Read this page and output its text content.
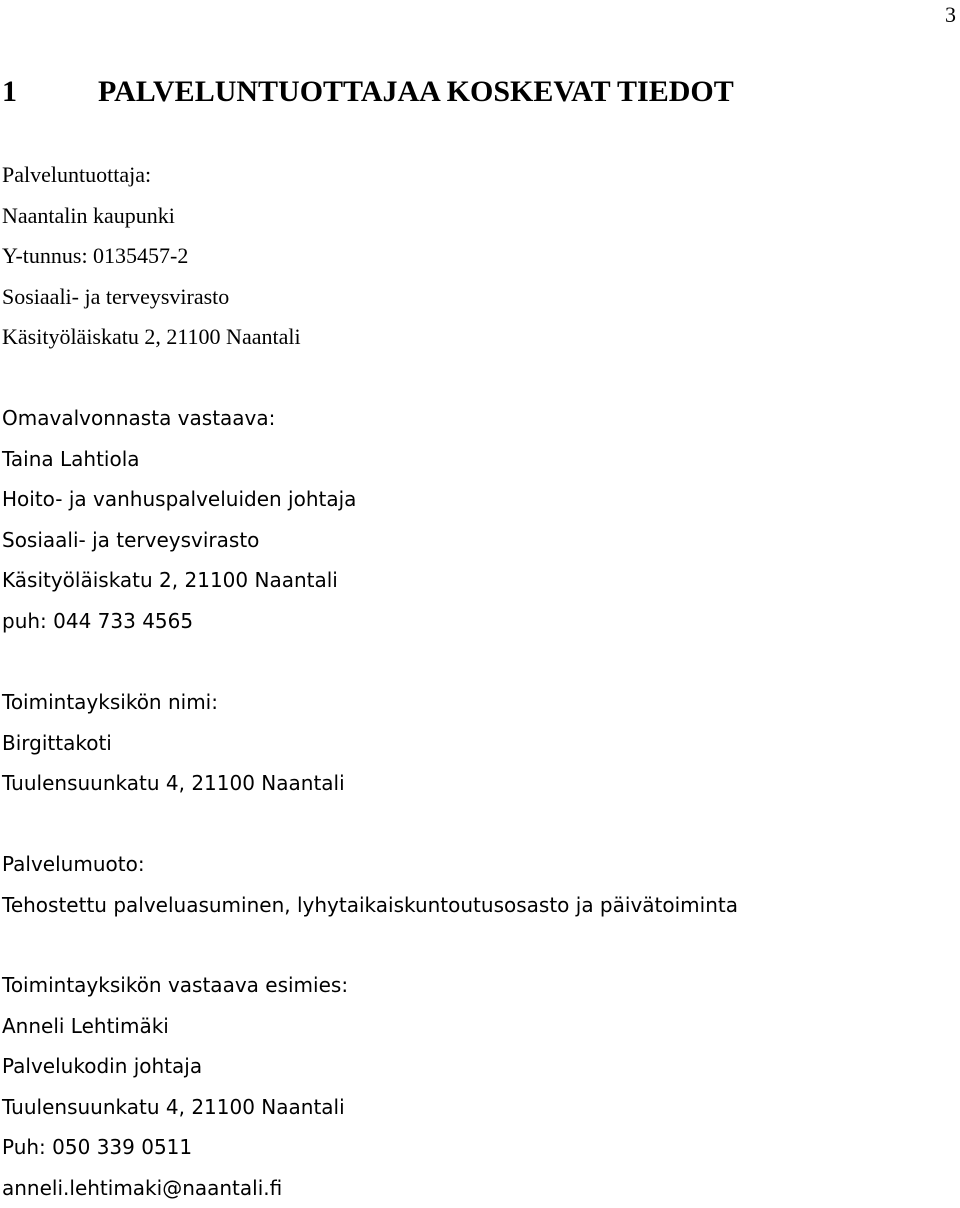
3
1	PALVELUNTUOTTAJAA KOSKEVAT TIEDOT
Palveluntuottaja:
Naantalin kaupunki
Y-tunnus: 0135457-2
Sosiaali- ja terveysvirasto
Käsityöläiskatu 2, 21100 Naantali
Omavalvonnasta vastaava:
Taina Lahtiola
Hoito- ja vanhuspalveluiden johtaja
Sosiaali- ja terveysvirasto
Käsityöläiskatu 2, 21100 Naantali
puh: 044 733 4565
Toimintayksikön nimi:
Birgittakoti
Tuulensuunkatu 4, 21100 Naantali
Palvelumuoto:
Tehostettu palveluasuminen, lyhytaikaiskuntoutusosasto ja päivätoiminta
Toimintayksikön vastaava esimies:
Anneli Lehtimäki
Palvelukodin johtaja
Tuulensuunkatu 4, 21100 Naantali
Puh: 050 339 0511
anneli.lehtimaki@naantali.fi
